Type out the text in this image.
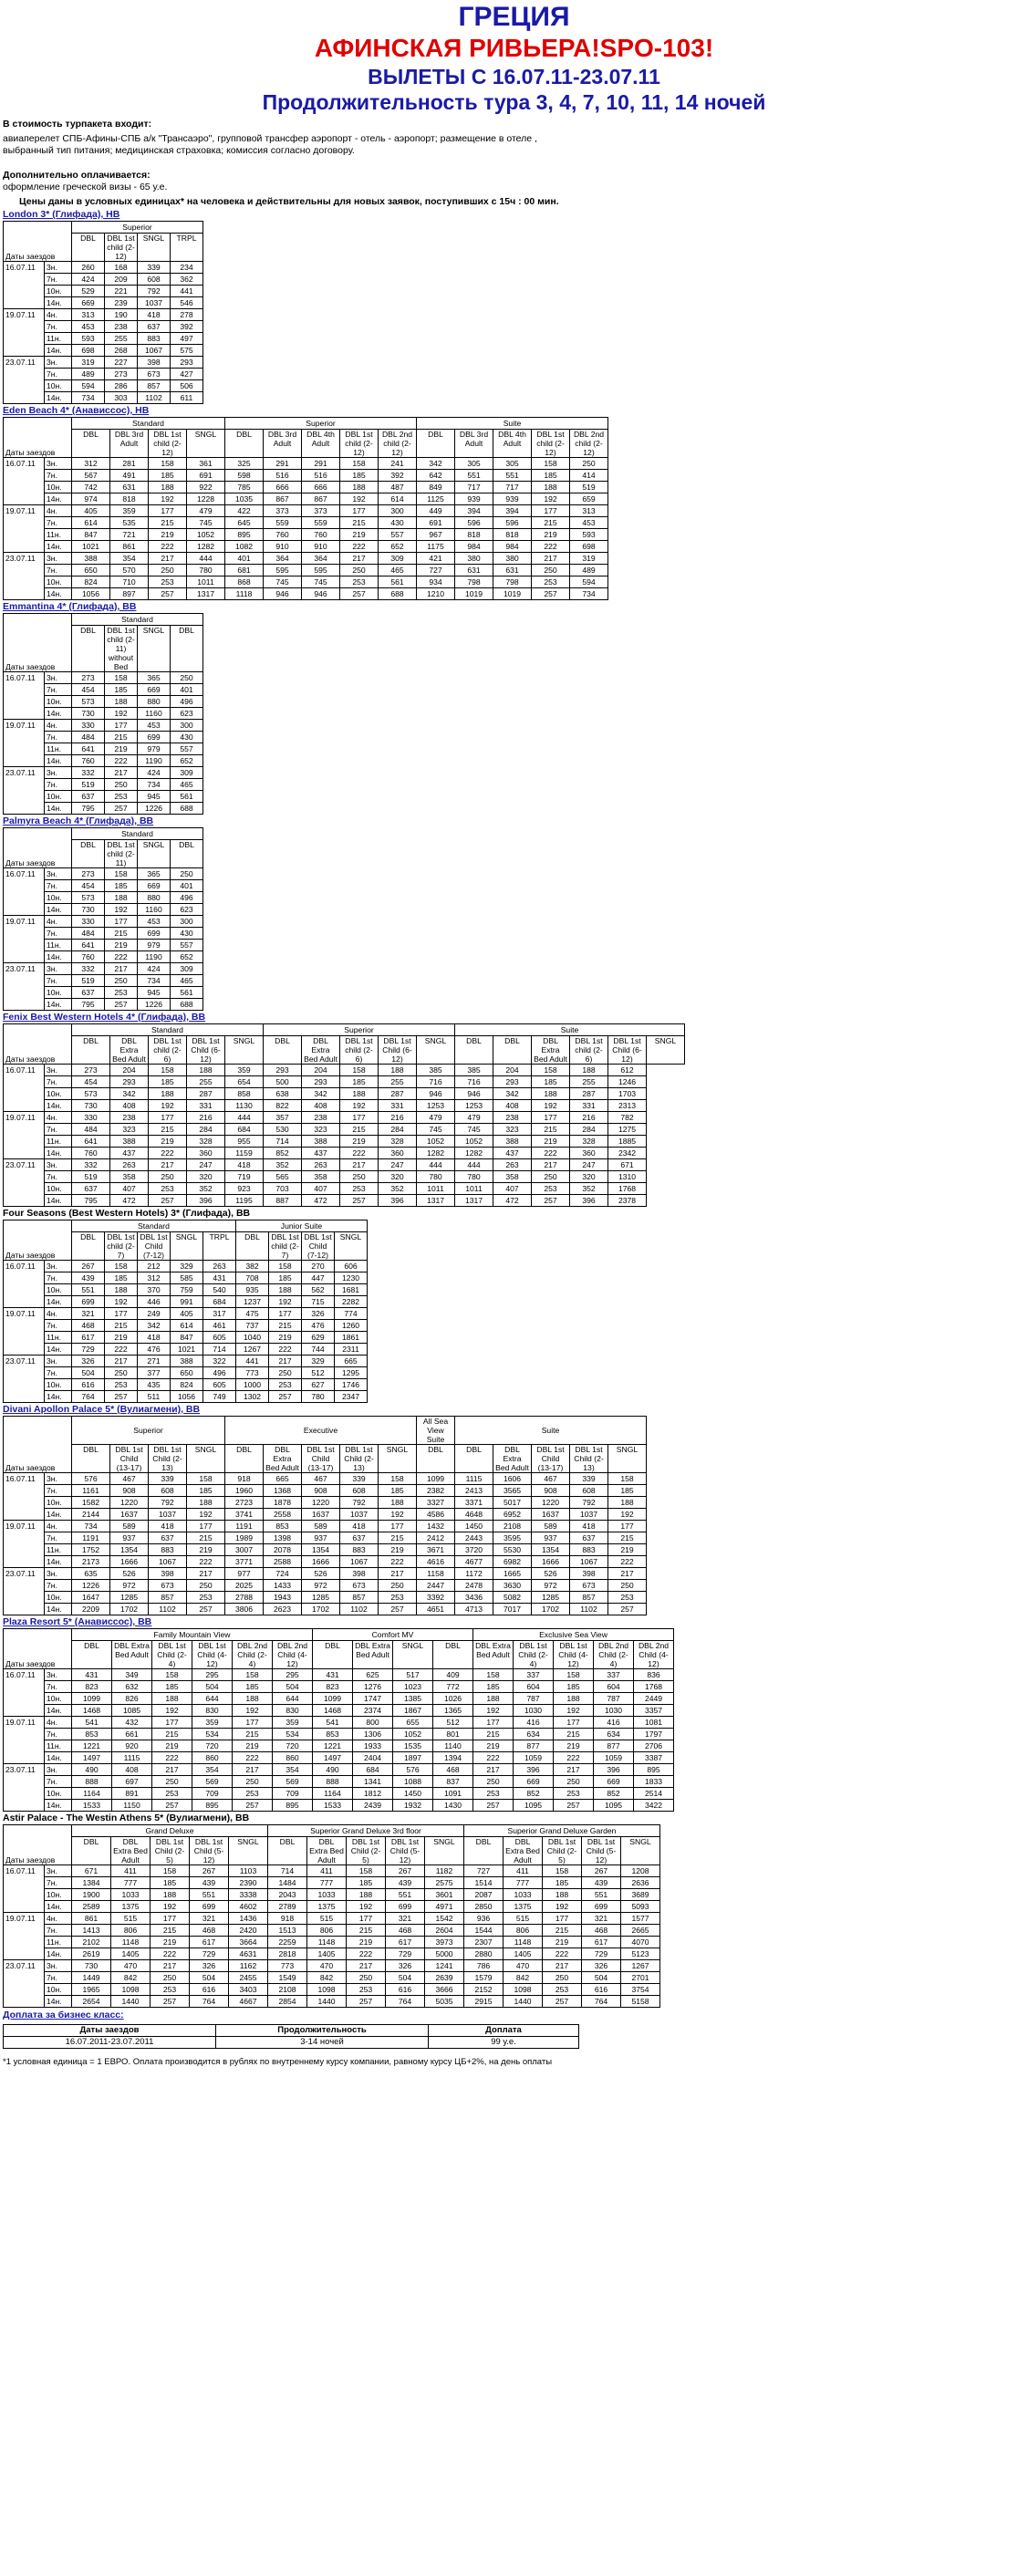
ГРЕЦИЯ
АФИНСКАЯ РИВЬЕРА!SPO-103!
ВЫЛЕТЫ С 16.07.11-23.07.11
Продолжительность тура 3, 4, 7, 10, 11, 14 ночей
В стоимость турпакета входит:
авиаперелет СПБ-Афины-СПБ а/к "Трансаэро", групповой трансфер аэропорт - отель - аэропорт; размещение в отеле , выбранный тип питания; медицинская страховка; комиссия согласно договору.
Дополнительно оплачивается:
оформление греческой визы - 65 у.е.
Цены даны в условных единицах* на человека и действительны для новых заявок, поступивших с 15ч : 00 мин.
London 3* (Глифада), HB
		Superior			
Даты заездов		DBL	DBL 1st child (2-12)	SNGL	TRPL
16.07.11	3н.	260	168	339	234
	7н.	424	209	608	362
	10н.	529	221	792	441
	14н.	669	239	1037	546
19.07.11	4н.	313	190	418	278
	7н.	453	238	637	392
	11н.	593	255	883	497
	14н.	698	268	1067	575
23.07.11	3н.	319	227	398	293
	7н.	489	273	673	427
	10н.	594	286	857	506
	14н.	734	303	1102	611
Eden Beach 4* (Анависсос), HB
		Standard				Superior					Suite				
Даты заездов		DBL	DBL 3rd Adult	DBL 1st child (2-12)	SNGL	DBL	DBL 3rd Adult	DBL 4th Adult	DBL 1st child (2-12)	DBL 2nd child (2-12)	DBL	DBL 3rd Adult	DBL 4th Adult	DBL 1st child (2-12)	DBL 2nd child (2-12)
16.07.11	3н.	312	281	158	361	325	291	291	158	241	342	305	305	158	250
	7н.	567	491	185	691	598	516	516	185	392	642	551	551	185	414
	10н.	742	631	188	922	785	666	666	188	487	849	717	717	188	519
	14н.	974	818	192	1228	1035	867	867	192	614	1125	939	939	192	659
19.07.11	4н.	405	359	177	479	422	373	373	177	300	449	394	394	177	313
	7н.	614	535	215	745	645	559	559	215	430	691	596	596	215	453
	11н.	847	721	219	1052	895	760	760	219	557	967	818	818	219	593
	14н.	1021	861	222	1282	1082	910	910	222	652	1175	984	984	222	698
23.07.11	3н.	388	354	217	444	401	364	364	217	309	421	380	380	217	319
	7н.	650	570	250	780	681	595	595	250	465	727	631	631	250	489
	10н.	824	710	253	1011	868	745	745	253	561	934	798	798	253	594
	14н.	1056	897	257	1317	1118	946	946	257	688	1210	1019	1019	257	734
Emmantina 4* (Глифада), BB
		Standard			
Даты заездов		DBL	DBL 1st child (2-11) without Bed	SNGL	DBL
16.07.11	3н.	273	158	365	250
	7н.	454	185	669	401
	10н.	573	188	880	496
	14н.	730	192	1160	623
19.07.11	4н.	330	177	453	300
	7н.	484	215	699	430
	11н.	641	219	979	557
	14н.	760	222	1190	652
23.07.11	3н.	332	217	424	309
	7н.	519	250	734	465
	10н.	637	253	945	561
	14н.	795	257	1226	688
Palmyra Beach 4* (Глифада), BB
		Standard			
Даты заездов		DBL	DBL 1st child (2-11)	SNGL	DBL
16.07.11	3н.	273	158	365	250
	7н.	454	185	669	401
	10н.	573	188	880	496
	14н.	730	192	1160	623
19.07.11	4н.	330	177	453	300
	7н.	484	215	699	430
	11н.	641	219	979	557
	14н.	760	222	1190	652
23.07.11	3н.	332	217	424	309
	7н.	519	250	734	465
	10н.	637	253	945	561
	14н.	795	257	1226	688
Fenix Best Western Hotels 4* (Глифада), BB
		Standard					Superior					Suite					
Даты заездов		DBL	DBL Extra Bed Adult	DBL 1st child (2-6)	DBL 1st Child (6-12)	SNGL	DBL	DBL Extra Bed Adult	DBL 1st child (2-6)	DBL 1st Child (6-12)	SNGL	DBL	DBL	DBL Extra Bed Adult	DBL 1st child (2-6)	DBL 1st Child (6-12)	SNGL
16.07.11	3н.	273	204	158	188	359	293	204	158	188	385	385	204	158	188	612	
	7н.	454	293	185	255	654	500	293	185	255	716	716	293	185	255	1246	
	10н.	573	342	188	287	858	638	342	188	287	946	946	342	188	287	1703	
	14н.	730	408	192	331	1130	822	408	192	331	1253	1253	408	192	331	2313	
19.07.11	4н.	330	238	177	216	444	357	238	177	216	479	479	238	177	216	782	
	7н.	484	323	215	284	684	530	323	215	284	745	745	323	215	284	1275	
	11н.	641	388	219	328	955	714	388	219	328	1052	1052	388	219	328	1885	
	14н.	760	437	222	360	1159	852	437	222	360	1282	1282	437	222	360	2342	
23.07.11	3н.	332	263	217	247	418	352	263	217	247	444	444	263	217	247	671	
	7н.	519	358	250	320	719	565	358	250	320	780	780	358	250	320	1310	
	10н.	637	407	253	352	923	703	407	253	352	1011	1011	407	253	352	1768	
	14н.	795	472	257	396	1195	887	472	257	396	1317	1317	472	257	396	2378	
Four Seasons (Best Western Hotels) 3* (Глифада), BB
		Standard					Junior Suite			
Даты заездов		DBL	DBL 1st child (2-7)	DBL 1st Child (7-12)	SNGL	TRPL	DBL	DBL 1st child (2-7)	DBL 1st Child (7-12)	SNGL
16.07.11	3н.	267	158	212	329	263	382	158	270	606
	7н.	439	185	312	585	431	708	185	447	1230
	10н.	551	188	370	759	540	935	188	562	1681
	14н.	699	192	446	991	684	1237	192	715	2282
19.07.11	4н.	321	177	249	405	317	475	177	326	774
	7н.	468	215	342	614	461	737	215	476	1260
	11н.	617	219	418	847	605	1040	219	629	1861
	14н.	729	222	476	1021	714	1267	222	744	2311
23.07.11	3н.	326	217	271	388	322	441	217	329	665
	7н.	504	250	377	650	496	773	250	512	1295
	10н.	616	253	435	824	605	1000	253	627	1746
	14н.	764	257	511	1056	749	1302	257	780	2347
Divani Apollon Palace 5* (Вулиагмени), BB
		Superior				Executive					All Sea View Suite	Suite				
Даты заездов		DBL	DBL 1st Child (13-17)	DBL 1st Child (2-13)	SNGL	DBL	DBL Extra Bed Adult	DBL 1st Child (13-17)	DBL 1st Child (2-13)	SNGL	DBL	DBL	DBL Extra Bed Adult	DBL 1st Child (13-17)	DBL 1st Child (2-13)	SNGL
16.07.11	3н.	576	467	339	158	918	665	467	339	158	1099	1115	1606	467	339	158
	7н.	1161	908	608	185	1960	1368	908	608	185	2382	2413	3565	908	608	185
	10н.	1582	1220	792	188	2723	1878	1220	792	188	3327	3371	5017	1220	792	188
	14н.	2144	1637	1037	192	3741	2558	1637	1037	192	4586	4648	6952	1637	1037	192
19.07.11	4н.	734	589	418	177	1191	853	589	418	177	1432	1450	2108	589	418	177
	7н.	1191	937	637	215	1989	1398	937	637	215	2412	2443	3595	937	637	215
	11н.	1752	1354	883	219	3007	2078	1354	883	219	3671	3720	5530	1354	883	219
	14н.	2173	1666	1067	222	3771	2588	1666	1067	222	4616	4677	6982	1666	1067	222
23.07.11	3н.	635	526	398	217	977	724	526	398	217	1158	1172	1665	526	398	217
	7н.	1226	972	673	250	2025	1433	972	673	250	2447	2478	3630	972	673	250
	10н.	1647	1285	857	253	2788	1943	1285	857	253	3392	3436	5082	1285	857	253
	14н.	2209	1702	1102	257	3806	2623	1702	1102	257	4651	4713	7017	1702	1102	257
Plaza Resort 5* (Анависсос), BB
		Family Mountain View						Comfort MV				Exclusive Sea View				
Даты заездов		DBL	DBL Extra Bed Adult	DBL 1st Child (2-4)	DBL 1st Child (4-12)	DBL 2nd Child (2-4)	DBL 2nd Child (4-12)	DBL	DBL Extra Bed Adult	SNGL	DBL	DBL Extra Bed Adult	DBL 1st Child (2-4)	DBL 1st Child (4-12)	DBL 2nd Child (2-4)	DBL 2nd Child (4-12)
16.07.11	3н.	431	349	158	295	158	295	431	625	517	409	158	337	158	337	836
	7н.	823	632	185	504	185	504	823	1276	1023	772	185	604	185	604	1768
	10н.	1099	826	188	644	188	644	1099	1747	1385	1026	188	787	188	787	2449
	14н.	1468	1085	192	830	192	830	1468	2374	1867	1365	192	1030	192	1030	3357
19.07.11	4н.	541	432	177	359	177	359	541	800	655	512	177	416	177	416	1081
	7н.	853	661	215	534	215	534	853	1306	1052	801	215	634	215	634	1797
	11н.	1221	920	219	720	219	720	1221	1933	1535	1140	219	877	219	877	2706
	14н.	1497	1115	222	860	222	860	1497	2404	1897	1394	222	1059	222	1059	3387
23.07.11	3н.	490	408	217	354	217	354	490	684	576	468	217	396	217	396	895
	7н.	888	697	250	569	250	569	888	1341	1088	837	250	669	250	669	1833
	10н.	1164	891	253	709	253	709	1164	1812	1450	1091	253	852	253	852	2514
	14н.	1533	1150	257	895	257	895	1533	2439	1932	1430	257	1095	257	1095	3422
Astir Palace - The Westin Athens 5* (Вулиагмени), BB
		Grand Deluxe					Superior Grand Deluxe 3rd floor					Superior Grand Deluxe Garden				
Даты заездов		DBL	DBL Extra Bed Adult	DBL 1st Child (2-5)	DBL 1st Child (5-12)	SNGL	DBL	DBL Extra Bed Adult	DBL 1st Child (2-5)	DBL 1st Child (5-12)	SNGL	DBL	DBL Extra Bed Adult	DBL 1st Child (2-5)	DBL 1st Child (5-12)	SNGL
16.07.11	3н.	671	411	158	267	1103	714	411	158	267	1182	727	411	158	267	1208
	7н.	1384	777	185	439	2390	1484	777	185	439	2575	1514	777	185	439	2636
	10н.	1900	1033	188	551	3338	2043	1033	188	551	3601	2087	1033	188	551	3689
	14н.	2589	1375	192	699	4602	2789	1375	192	699	4971	2850	1375	192	699	5093
19.07.11	4н.	861	515	177	321	1436	918	515	177	321	1542	936	515	177	321	1577
	7н.	1413	806	215	468	2420	1513	806	215	468	2604	1544	806	215	468	2665
	11н.	2102	1148	219	617	3664	2259	1148	219	617	3973	2307	1148	219	617	4070
	14н.	2619	1405	222	729	4631	2818	1405	222	729	5000	2880	1405	222	729	5123
23.07.11	3н.	730	470	217	326	1162	773	470	217	326	1241	786	470	217	326	1267
	7н.	1449	842	250	504	2455	1549	842	250	504	2639	1579	842	250	504	2701
	10н.	1965	1098	253	616	3403	2108	1098	253	616	3666	2152	1098	253	616	3754
	14н.	2654	1440	257	764	4667	2854	1440	257	764	5035	2915	1440	257	764	5158
Доплата за бизнес класс:
Даты заездов	Продолжительность	Доплата
16.07.2011-23.07.2011	3-14 ночей	99 у.е.
*1 условная единица = 1 ЕВРО. Оплата производится в рублях по внутреннему курсу компании, равному курсу ЦБ+2%, на день оплаты
